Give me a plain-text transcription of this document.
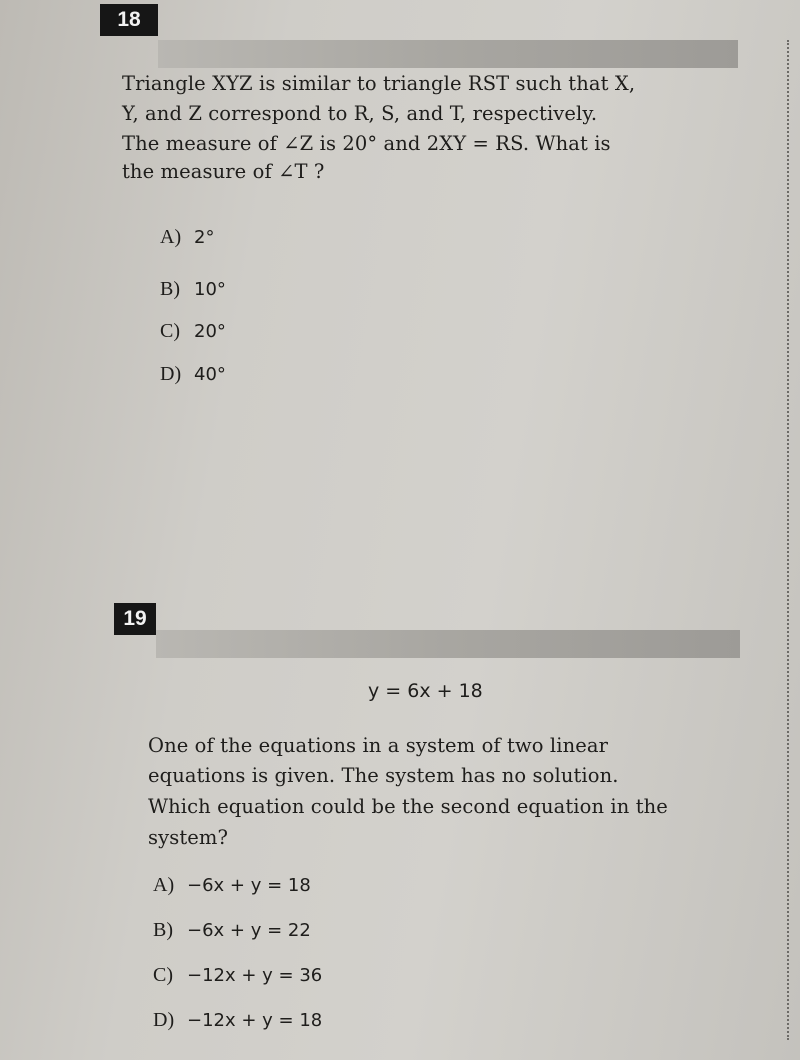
18
Triangle XYZ is similar to triangle RST such that X,
Y, and Z correspond to R, S, and T, respectively.
The measure of ∠Z is 20° and 2XY = RS. What is
the measure of ∠T ?
A) 2°
B) 10°
C) 20°
D) 40°
19
y = 6x + 18
One of the equations in a system of two linear
equations is given. The system has no solution.
Which equation could be the second equation in the
system?
A) −6x + y = 18
B) −6x + y = 22
C) −12x + y = 36
D) −12x + y = 18
